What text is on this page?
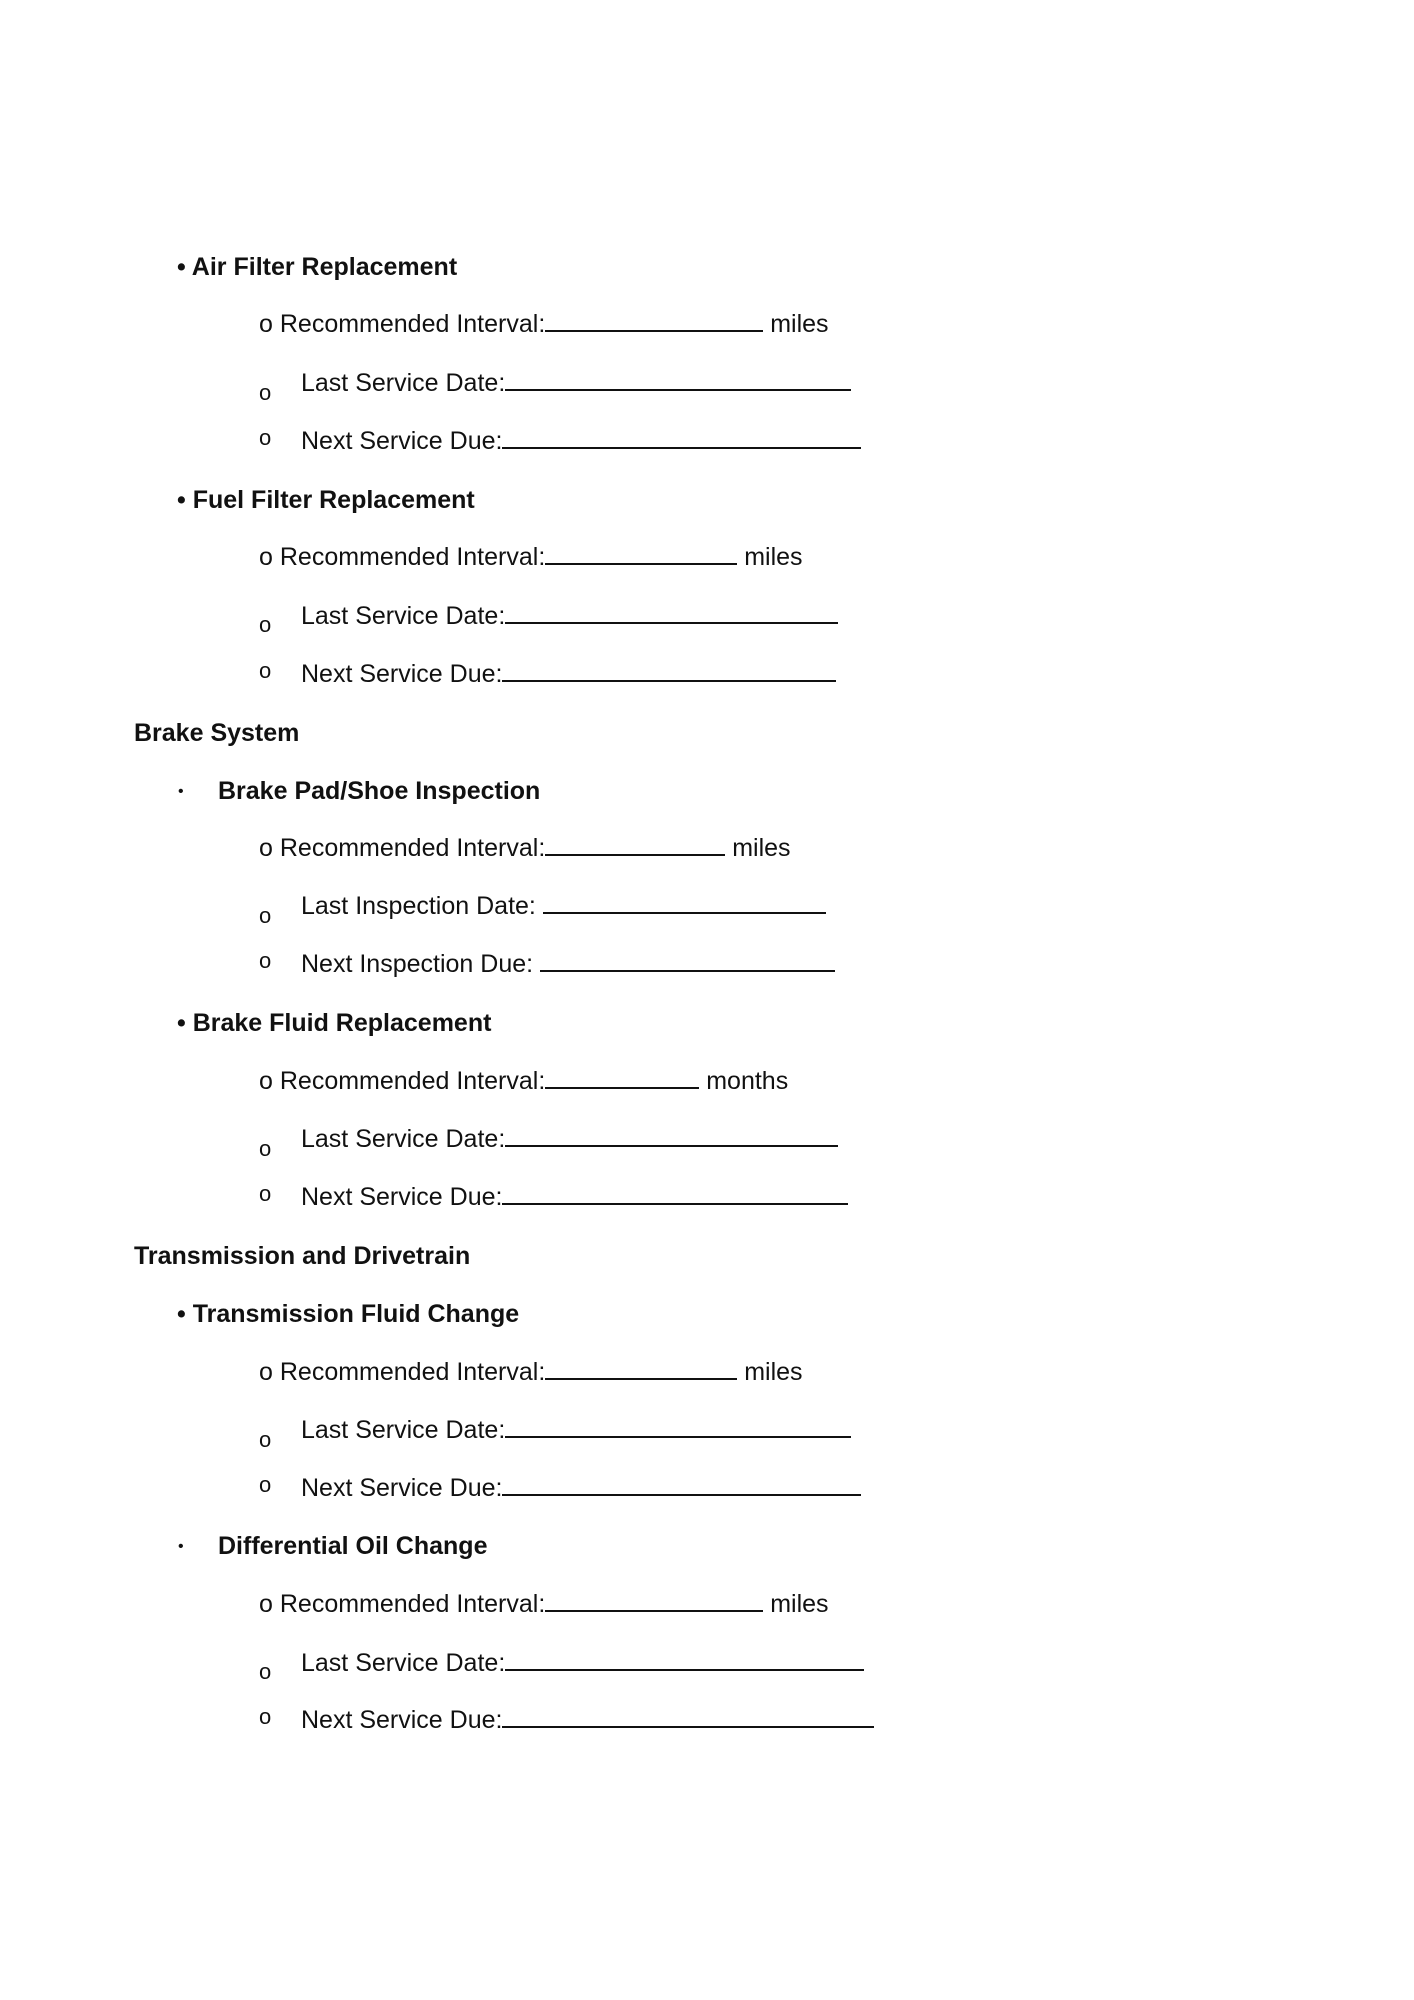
• Air Filter Replacement
o Recommended Interval:	miles
o Last Service Date:
o Next Service Due:
• Fuel Filter Replacement
o Recommended Interval:	miles
o Last Service Date:
o Next Service Due:
Brake System
• Brake Pad/Shoe Inspection
o Recommended Interval:	miles
o Last Inspection Date:
o Next Inspection Due:
• Brake Fluid Replacement
o Recommended Interval:	months
o Last Service Date:
o Next Service Due:
Transmission and Drivetrain
• Transmission Fluid Change
o Recommended Interval:	miles
o Last Service Date:
o Next Service Due:
• Differential Oil Change
o Recommended Interval:	miles
o Last Service Date:
o Next Service Due:
